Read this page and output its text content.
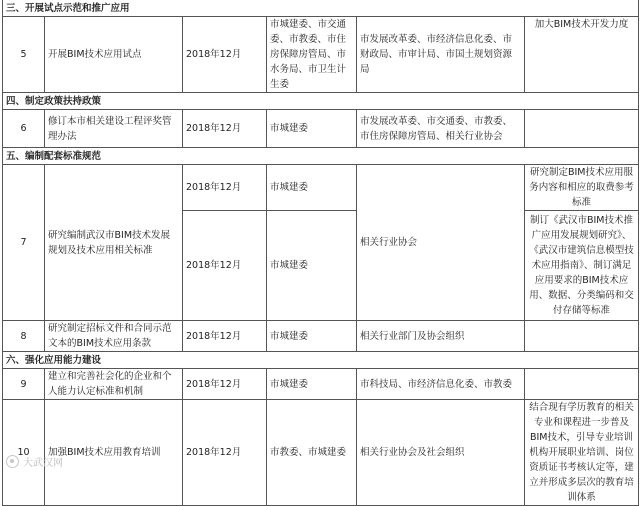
三、开展试点示范和推广应用					
5	开展BIM技术应用试点	2018年12月	市城建委、市交通委、市教委、市住房保障房管局、市水务局、市卫生计生委	市发展改革委、市经济信息化委、市财政局、市审计局、市国土规划资源局	加大BIM技术开发力度
四、制定政策扶持政策					
6	修订本市相关建设工程评奖管理办法	2018年12月	市城建委	市发展改革委、市交通委、市教委、市住房保障房管局、相关行业协会	
五、编制配套标准规范					
7	研究编制武汉市BIM技术发展规划及技术应用相关标准	2018年12月	市城建委	相关行业协会	研究制定BIM技术应用服务内容和相应的取费参考标准
		2018年12月	市城建委		制订《武汉市BIM技术推广应用发展规划研究》、《武汉市建筑信息模型技术应用指南》、制订满足应用要求的BIM技术应用、数据、分类编码和交付存储等标准
8	研究制定招标文件和合同示范文本的BIM技术应用条款	2018年12月	市城建委	相关行业部门及协会组织	
六、强化应用能力建设					
9	建立和完善社会化的企业和个人能力认定标准和机制	2018年12月	市城建委	市科技局、市经济信息化委、市教委	
10	加强BIM技术应用教育培训	2018年12月	市教委、市城建委	相关行业协会及社会组织	结合现有学历教育的相关专业和课程进一步普及BIM技术，引导专业培训机构开展职业培训、岗位资质证书考核认定等，建立并形成多层次的教育培训体系
大武汉网
